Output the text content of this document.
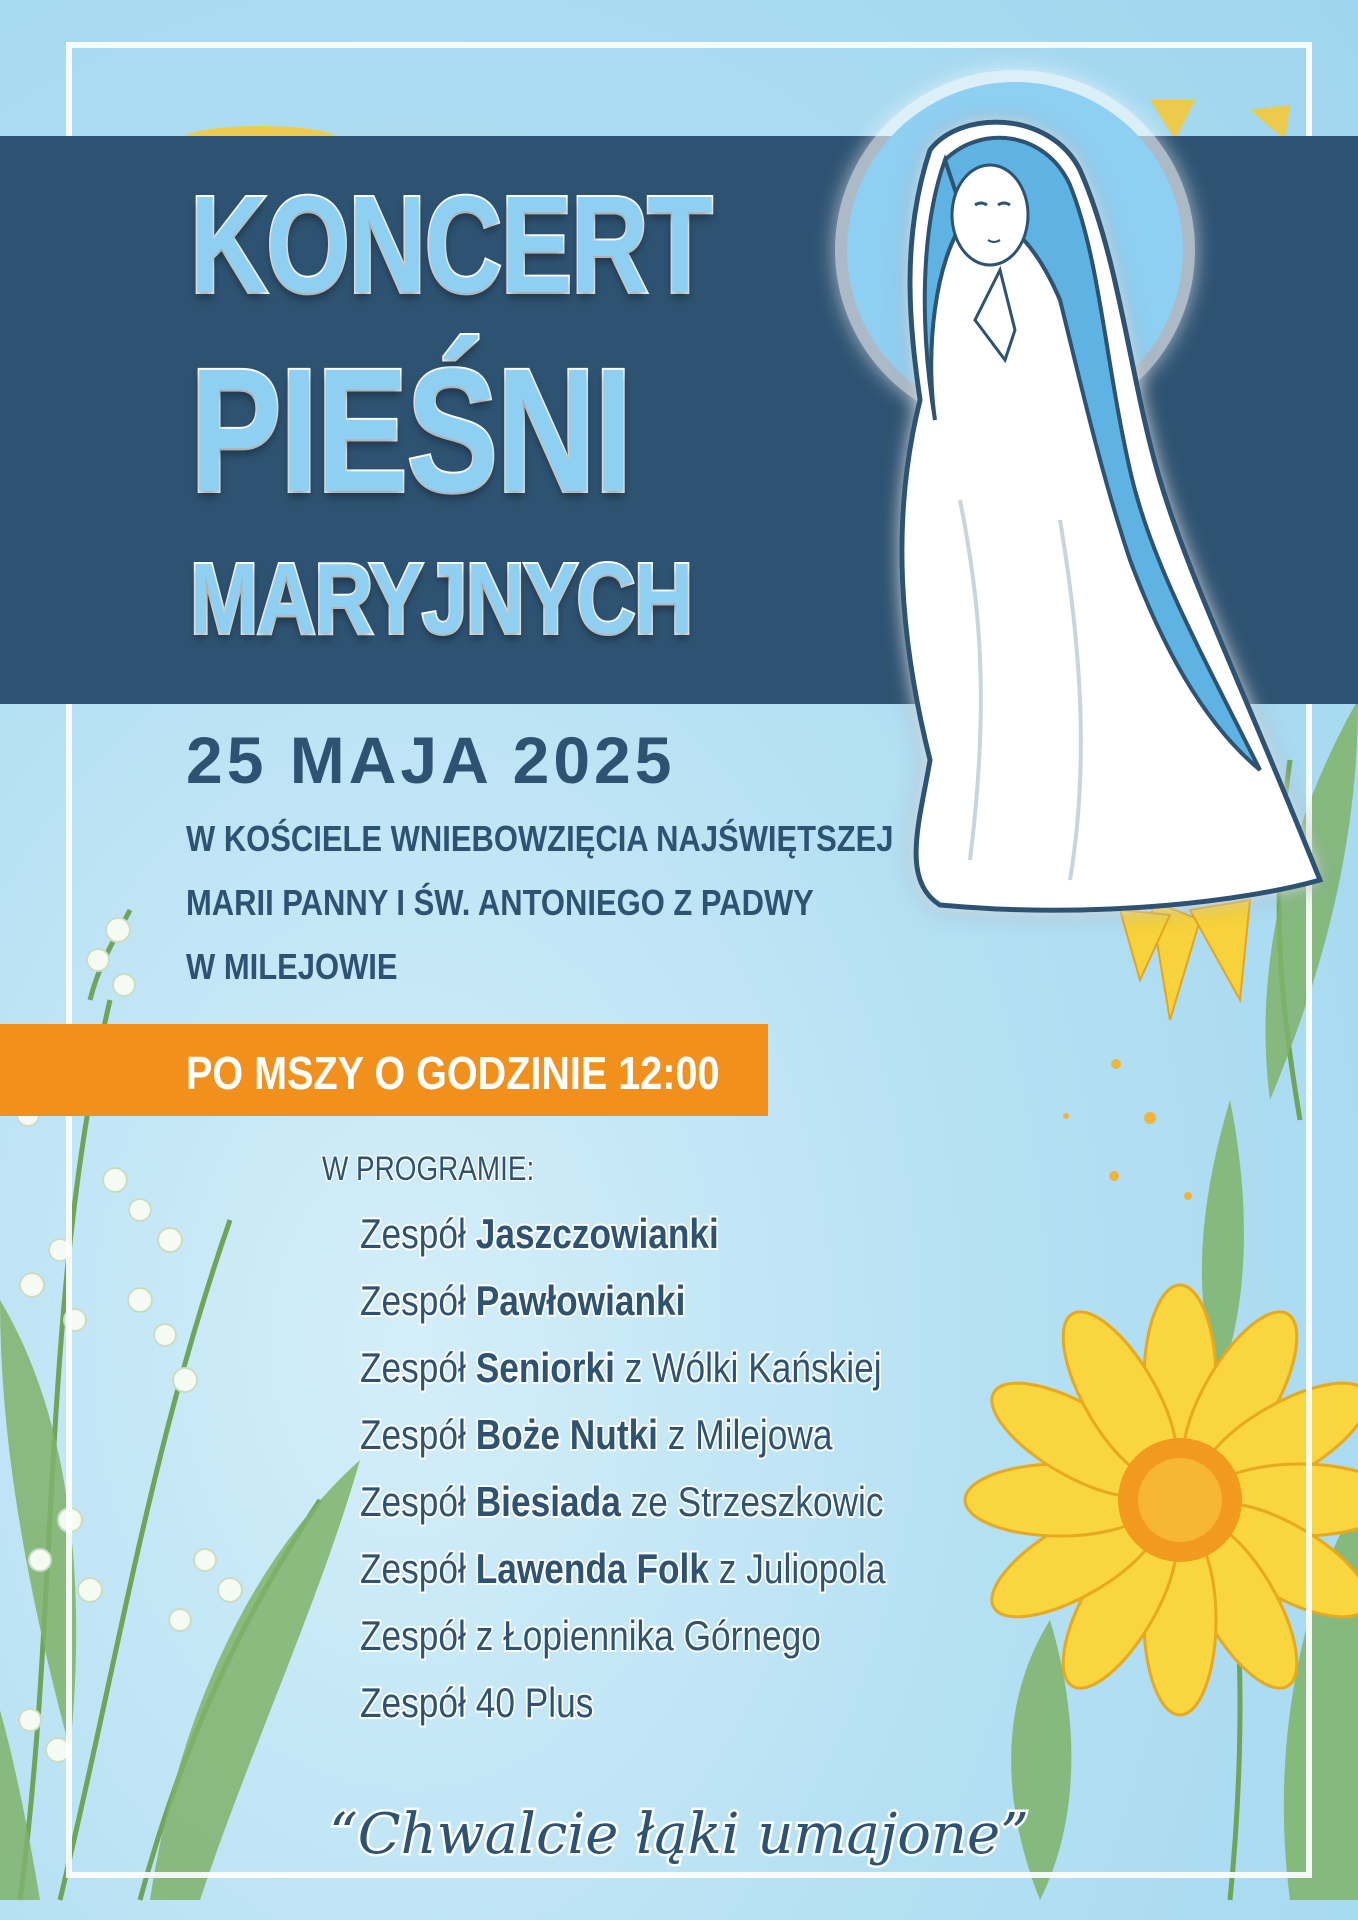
KONCERT
PIEŚNI
MARYJNYCH
25 MAJA 2025
W KOŚCIELE WNIEBOWZIĘCIA NAJŚWIĘTSZEJ
MARII PANNY I ŚW. ANTONIEGO Z PADWY
W MILEJOWIE
PO MSZY O GODZINIE 12:00
W PROGRAMIE:
Zespół Jaszczowianki
Zespół Pawłowianki
Zespół Seniorki z Wólki Kańskiej
Zespół Boże Nutki z Milejowa
Zespół Biesiada ze Strzeszkowic
Zespół Lawenda Folk z Juliopola
Zespół z Łopiennika Górnego
Zespół 40 Plus
“Chwalcie łąki umajone”
